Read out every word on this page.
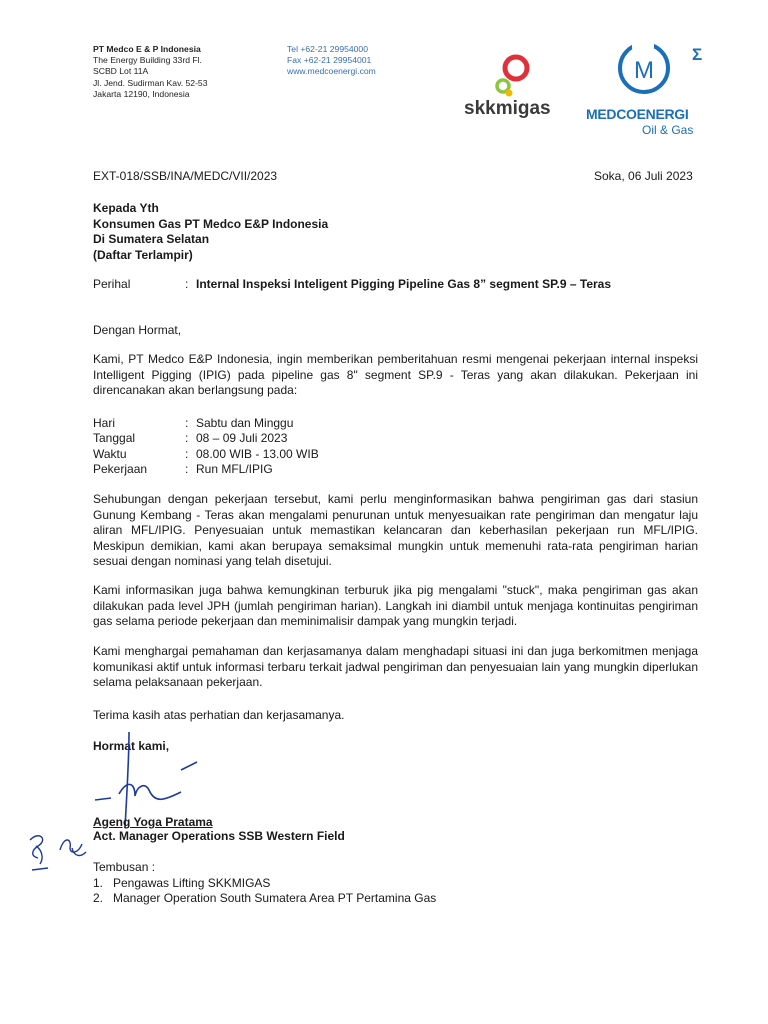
PT Medco E & P Indonesia
The Energy Building 33rd Fl.
SCBD Lot 11A
Jl. Jend. Sudirman Kav. 52-53
Jakarta 12190, Indonesia
Tel +62-21 29954000
Fax +62-21 29954001
www.medcoenergi.com
skkmigas
M
Σ
MEDCOENERGI
Oil & Gas
EXT-018/SSB/INA/MEDC/VII/2023	Soka, 06 Juli 2023
Kepada Yth
Konsumen Gas PT Medco E&P Indonesia
Di Sumatera Selatan
(Daftar Terlampir)
Perihal	: Internal Inspeksi Inteligent Pigging Pipeline Gas 8” segment SP.9 – Teras
Dengan Hormat,
Kami, PT Medco E&P Indonesia, ingin memberikan pemberitahuan resmi mengenai pekerjaan internal inspeksi Intelligent Pigging (IPIG) pada pipeline gas 8" segment SP.9 - Teras yang akan dilakukan. Pekerjaan ini direncanakan akan berlangsung pada:
Hari	: Sabtu dan Minggu
Tanggal	: 08 – 09 Juli 2023
Waktu	: 08.00 WIB - 13.00 WIB
Pekerjaan	: Run MFL/IPIG
Sehubungan dengan pekerjaan tersebut, kami perlu menginformasikan bahwa pengiriman gas dari stasiun Gunung Kembang - Teras akan mengalami penurunan untuk menyesuaikan rate pengiriman dan mengatur laju aliran MFL/IPIG. Penyesuaian untuk memastikan kelancaran dan keberhasilan pekerjaan run MFL/IPIG. Meskipun demikian, kami akan berupaya semaksimal mungkin untuk memenuhi rata-rata pengiriman harian sesuai dengan nominasi yang telah disetujui.
Kami informasikan juga bahwa kemungkinan terburuk jika pig mengalami "stuck", maka pengiriman gas akan dilakukan pada level JPH (jumlah pengiriman harian). Langkah ini diambil untuk menjaga kontinuitas pengiriman gas selama periode pekerjaan dan meminimalisir dampak yang mungkin terjadi.
Kami menghargai pemahaman dan kerjasamanya dalam menghadapi situasi ini dan juga berkomitmen menjaga komunikasi aktif untuk informasi terbaru terkait jadwal pengiriman dan penyesuaian lain yang mungkin diperlukan selama pelaksanaan pekerjaan.
Terima kasih atas perhatian dan kerjasamanya.
Hormat kami,
Ageng Yoga Pratama
Act. Manager Operations SSB Western Field
Tembusan :
1. Pengawas Lifting SKKMIGAS
2. Manager Operation South Sumatera Area PT Pertamina Gas
